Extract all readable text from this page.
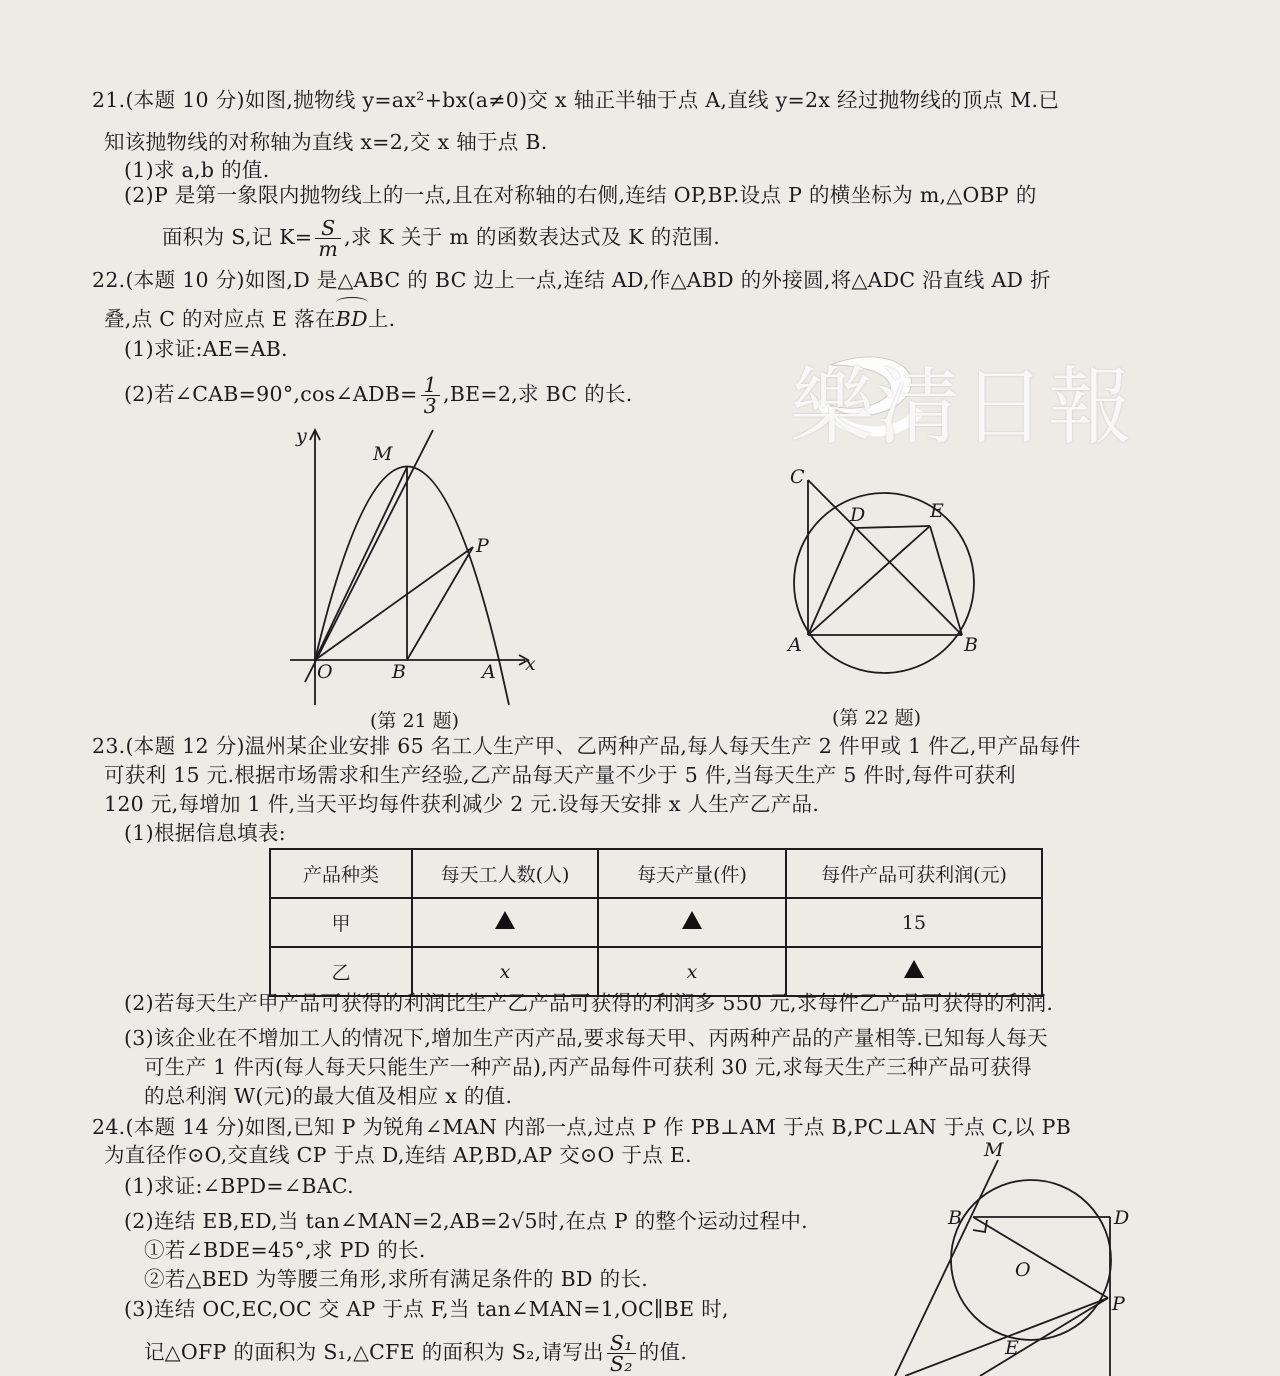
21.(本题 10 分)如图,抛物线 y=ax²+bx(a≠0)交 x 轴正半轴于点 A,直线 y=2x 经过抛物线的顶点 M.已
知该抛物线的对称轴为直线 x=2,交 x 轴于点 B.
(1)求 a,b 的值.
(2)P 是第一象限内抛物线上的一点,且在对称轴的右侧,连结 OP,BP.设点 P 的横坐标为 m,△OBP 的
面积为 S,记 $K= \frac{S}{m}$ ,求 K 关于 m 的函数表达式及 K 的范围.
22.(本题 10 分)如图,D 是△ABC 的 BC 边上一点,连结 AD,作△ABD 的外接圆,将△ADC 沿直线 AD 折
叠,点 C 的对应点 E 落在
BD上.
(1)求证:AE=AB.
(2)若∠CAB=90°,cos∠ADB= $\frac{1}{3} ,BE=2$,求 BC 的长.
y
x
M
P
O	B	A
(第 21 题)
樂清日報
C
D	E
A	B
(第 22 题)
23.(本题 12 分)温州某企业安排 65 名工人生产甲、乙两种产品,每人每天生产 2 件甲或 1 件乙,甲产品每件
可获利 15 元.根据市场需求和生产经验,乙产品每天产量不少于 5 件,当每天生产 5 件时,每件可获利
120 元,每增加 1 件,当天平均每件获利减少 2 元.设每天安排 x 人生产乙产品.
(1)根据信息填表:
产品种类	每天工人数(人)	每天产量(件)	每件产品可获利润(元)
甲			15
乙	x	x	
(2)若每天生产甲产品可获得的利润比生产乙产品可获得的利润多 550 元,求每件乙产品可获得的利润.
(3)该企业在不增加工人的情况下,增加生产丙产品,要求每天甲、丙两种产品的产量相等.已知每人每天
可生产 1 件丙(每人每天只能生产一种产品),丙产品每件可获利 30 元,求每天生产三种产品可获得
的总利润 W(元)的最大值及相应 x 的值.
24.(本题 14 分)如图,已知 P 为锐角∠MAN 内部一点,过点 P 作 PB⊥AM 于点 B,PC⊥AN 于点 C,以 PB
为直径作⊙O,交直线 CP 于点 D,连结 AP,BD,AP 交⊙O 于点 E.
(1)求证:∠BPD=∠BAC.
(2)连结 EB,ED,当 tan∠MAN=2,AB=2√5时,在点 P 的整个运动过程中.
①若∠BDE=45°,求 PD 的长.
②若△BED 为等腰三角形,求所有满足条件的 BD 的长.
(3)连结 OC,EC,OC 交 AP 于点 F,当 tan∠MAN=1,OC∥BE 时,
记△OFP 的面积为 S₁,△CFE 的面积为 S₂,请写出 $\frac{\text{S₁}}{\text{S₂}}$ 的值.
M
B	D
O
P
E
